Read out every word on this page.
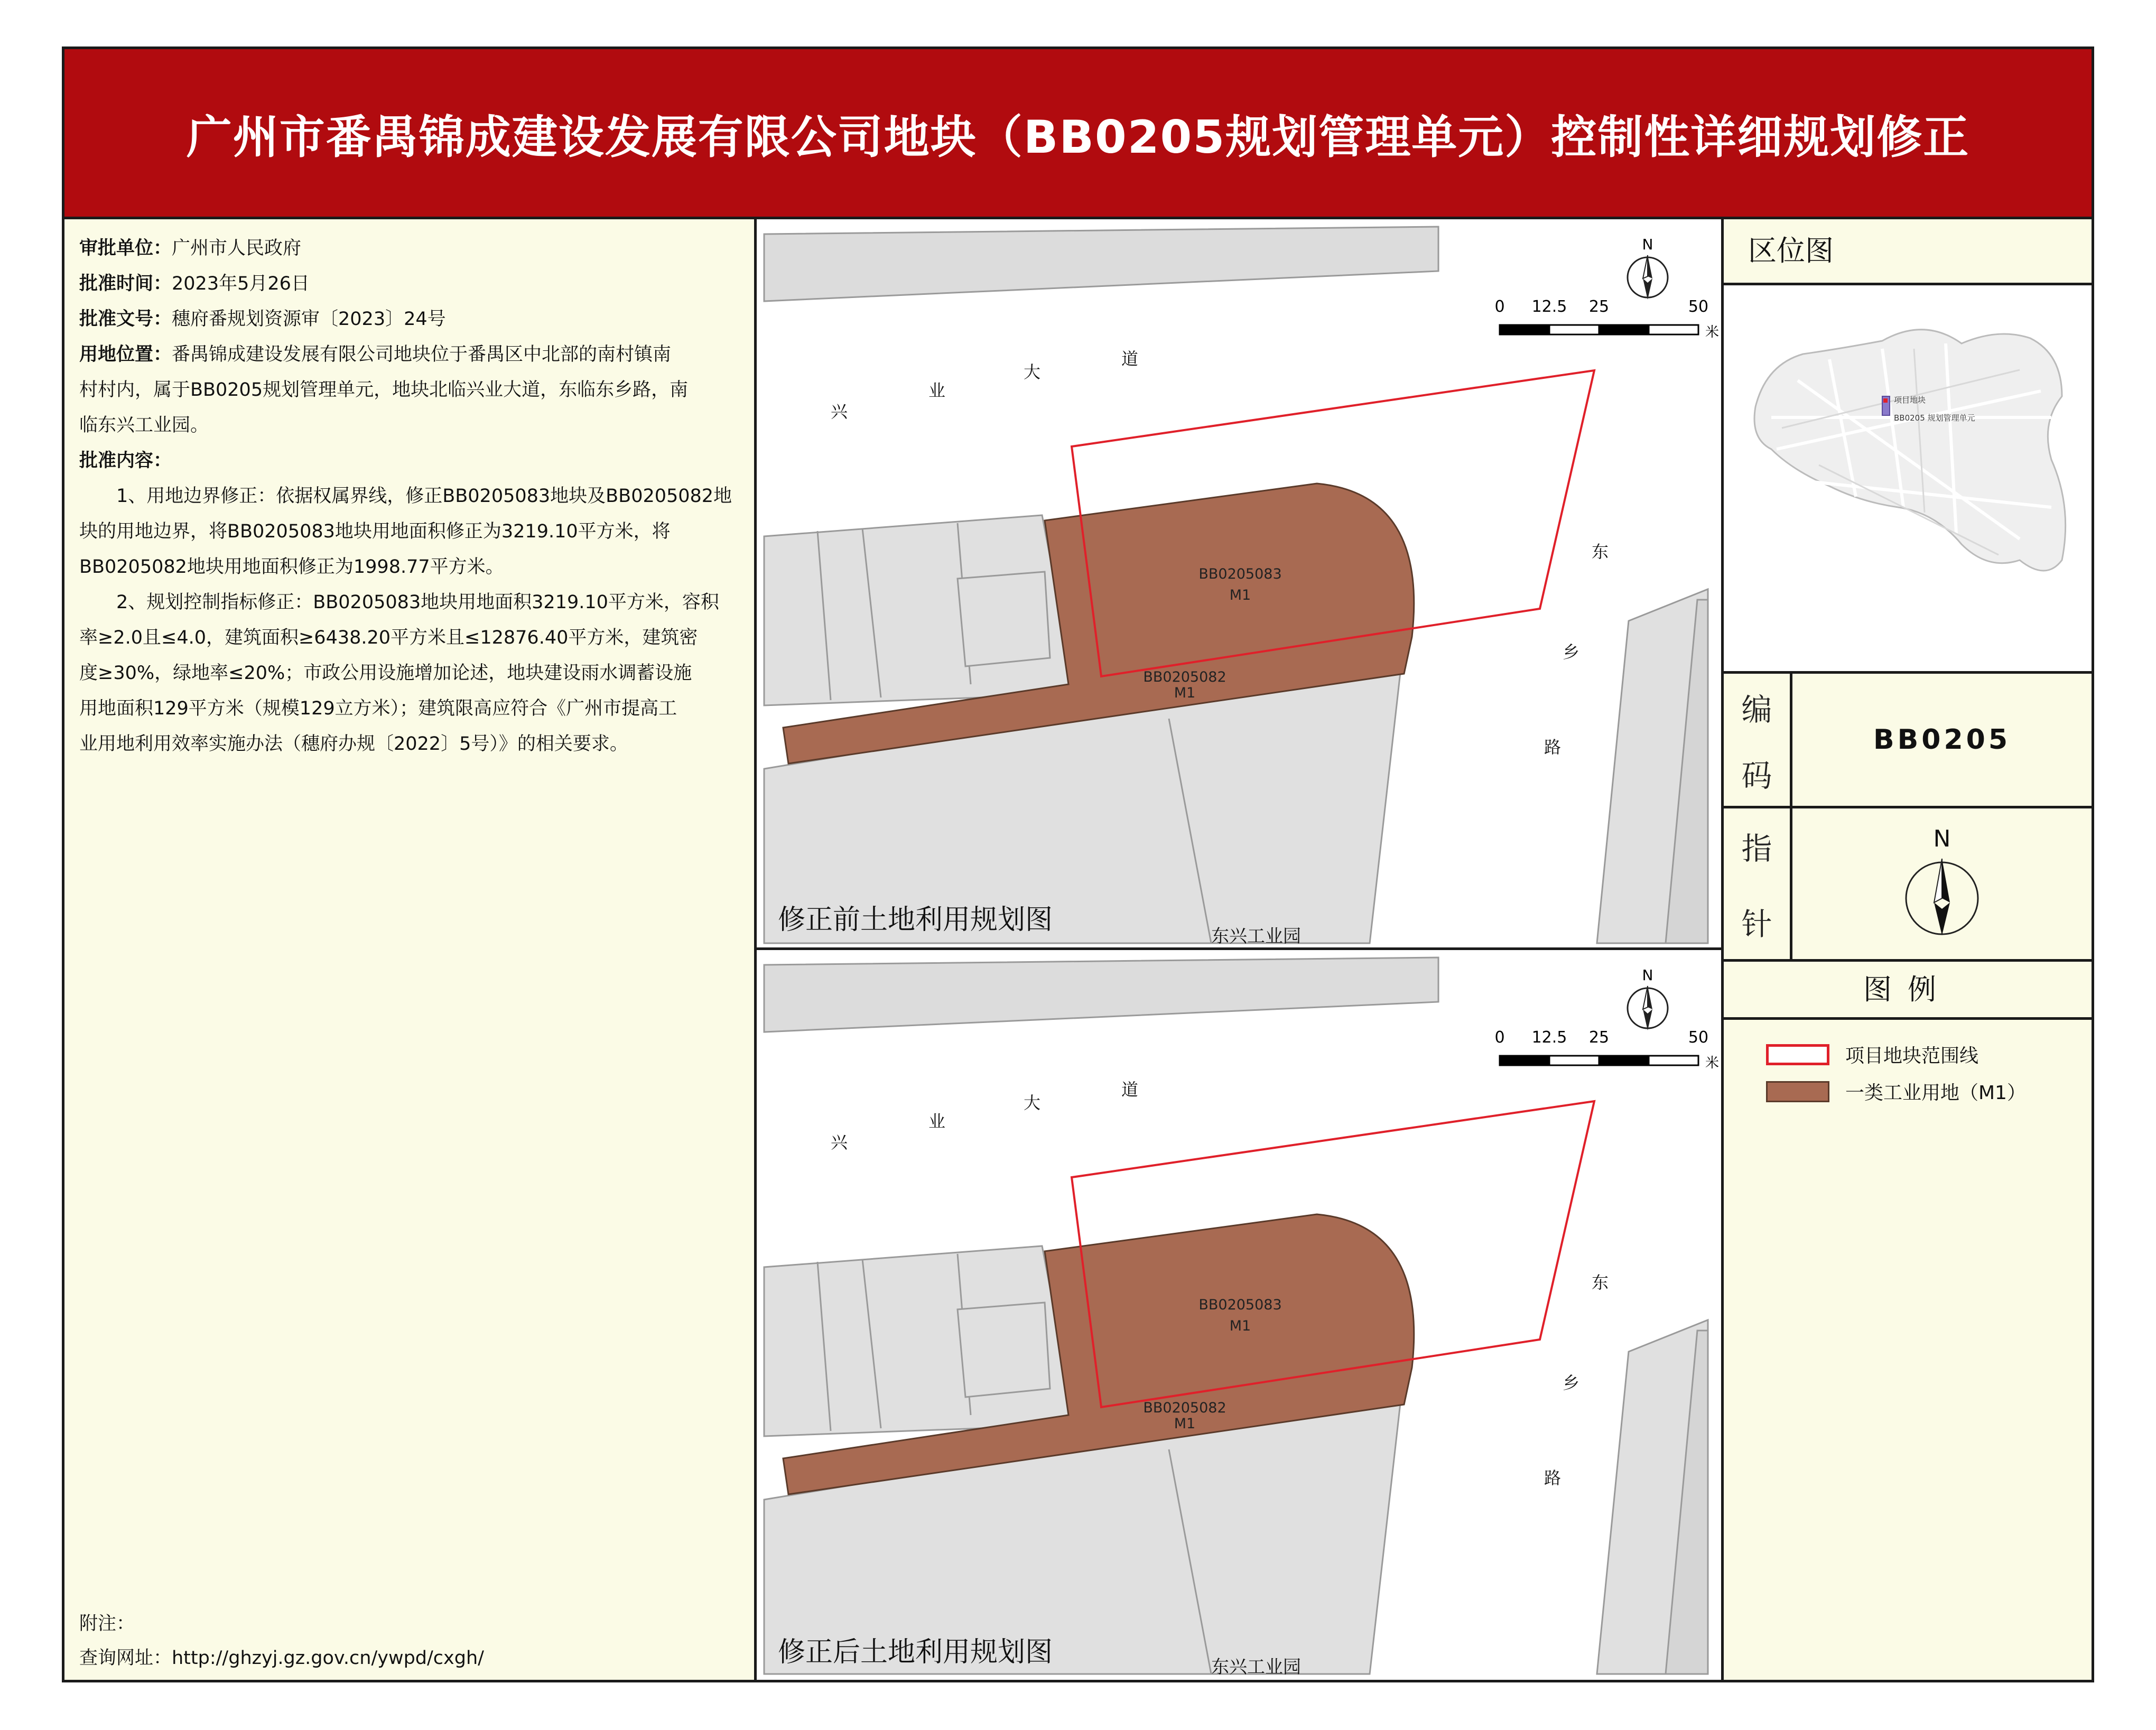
广州市番禺锦成建设发展有限公司地块（BB0205规划管理单元）控制性详细规划修正

审批单位：广州市人民政府

批准时间：2023年5月26日

批准文号：穗府番规划资源审〔2023〕24号

用地位置：番禺锦成建设发展有限公司地块位于番禺区中北部的南村镇南

村村内，属于BB0205规划管理单元，地块北临兴业大道，东临东乡路，南

临东兴工业园。

批准内容：

1、用地边界修正：依据权属界线，修正BB0205083地块及BB0205082地

块的用地边界，将BB0205083地块用地面积修正为3219.10平方米，将

BB0205082地块用地面积修正为1998.77平方米。

2、规划控制指标修正：BB0205083地块用地面积3219.10平方米，容积

率≥2.0且≤4.0，建筑面积≥6438.20平方米且≤12876.40平方米，建筑密

度≥30%，绿地率≤20%；市政公用设施增加论述，地块建设雨水调蓄设施

用地面积129平方米（规模129立方米）；建筑限高应符合《广州市提高工

业用地利用效率实施办法（穗府办规〔2022〕5号）》的相关要求。

附注：

查询网址：http://ghzyj.gz.gov.cn/ywpd/cxgh/

BB0205083
M1
BB0205082
M1
兴
业
大
道
东
乡
路
东兴工业园
0 12.5 25	50
米
N
修正前土地利用规划图
BB0205083
M1
BB0205082
M1
兴
业
大
道
东
乡
路
东兴工业园
0 12.5 25	50
米
N
修正后土地利用规划图
区位图
项目地块
BB0205 规划管理单元
编
码
BB0205
指
针
N
图例
项目地块范围线
一类工业用地（M1）
